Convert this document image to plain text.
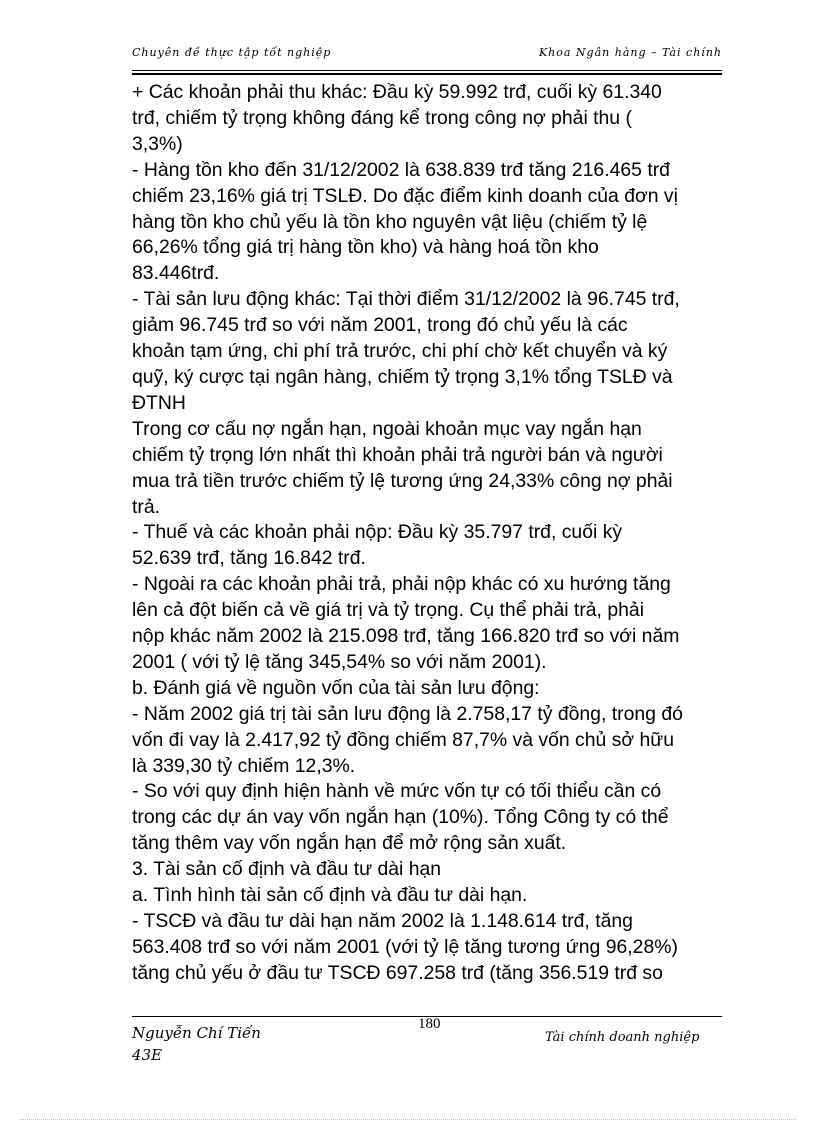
Chuyên đề thực tập tốt nghiệp	Khoa Ngân hàng – Tài chính
+ Các khoản phải thu khác: Đầu kỳ 59.992 trđ, cuối kỳ 61.340
trđ, chiếm tỷ trọng không đáng kể trong công nợ phải thu (
3,3%)
- Hàng tồn kho đến 31/12/2002 là 638.839 trđ tăng 216.465 trđ
chiếm 23,16% giá trị TSLĐ. Do đặc điểm kinh doanh của đơn vị
hàng tồn kho chủ yếu là tồn kho nguyên vật liệu (chiếm tỷ lệ
66,26% tổng giá trị hàng tồn kho) và hàng hoá tồn kho
83.446trđ.
- Tài sản lưu động khác: Tại thời điểm 31/12/2002 là 96.745 trđ,
giảm 96.745 trđ so với năm 2001, trong đó chủ yếu là các
khoản tạm ứng, chi phí trả trước, chi phí chờ kết chuyển và ký
quỹ, ký cược tại ngân hàng, chiếm tỷ trọng 3,1% tổng TSLĐ và
ĐTNH
Trong cơ cấu nợ ngắn hạn, ngoài khoản mục vay ngắn hạn
chiếm tỷ trọng lớn nhất thì khoản phải trả người bán và người
mua trả tiền trước chiếm tỷ lệ tương ứng 24,33% công nợ phải
trả.
- Thuế và các khoản phải nộp: Đầu kỳ 35.797 trđ, cuối kỳ
52.639 trđ, tăng 16.842 trđ.
- Ngoài ra các khoản phải trả, phải nộp khác có xu hướng tăng
lên cả đột biến cả về giá trị và tỷ trọng. Cụ thể phải trả, phải
nộp khác năm 2002 là 215.098 trđ, tăng 166.820 trđ so với năm
2001 ( với tỷ lệ tăng 345,54% so với năm 2001).
b. Đánh giá về nguồn vốn của tài sản lưu động:
- Năm 2002 giá trị tài sản lưu động là 2.758,17 tỷ đồng, trong đó
vốn đi vay là 2.417,92 tỷ đồng chiếm 87,7% và vốn chủ sở hữu
là 339,30 tỷ chiếm 12,3%.
- So với quy định hiện hành về mức vốn tự có tối thiểu cần có
trong các dự án vay vốn ngắn hạn (10%). Tổng Công ty có thể
tăng thêm vay vốn ngắn hạn để mở rộng sản xuất.
3. Tài sản cố định và đầu tư dài hạn
a. Tình hình tài sản cố định và đầu tư dài hạn.
- TSCĐ và đầu tư dài hạn năm 2002 là 1.148.614 trđ, tăng
563.408 trđ so với năm 2001 (với tỷ lệ tăng tương ứng 96,28%)
tăng chủ yếu ở đầu tư TSCĐ 697.258 trđ (tăng 356.519 trđ so
Nguyễn Chí Tiến
43E
180
Tài chính doanh nghiệp
